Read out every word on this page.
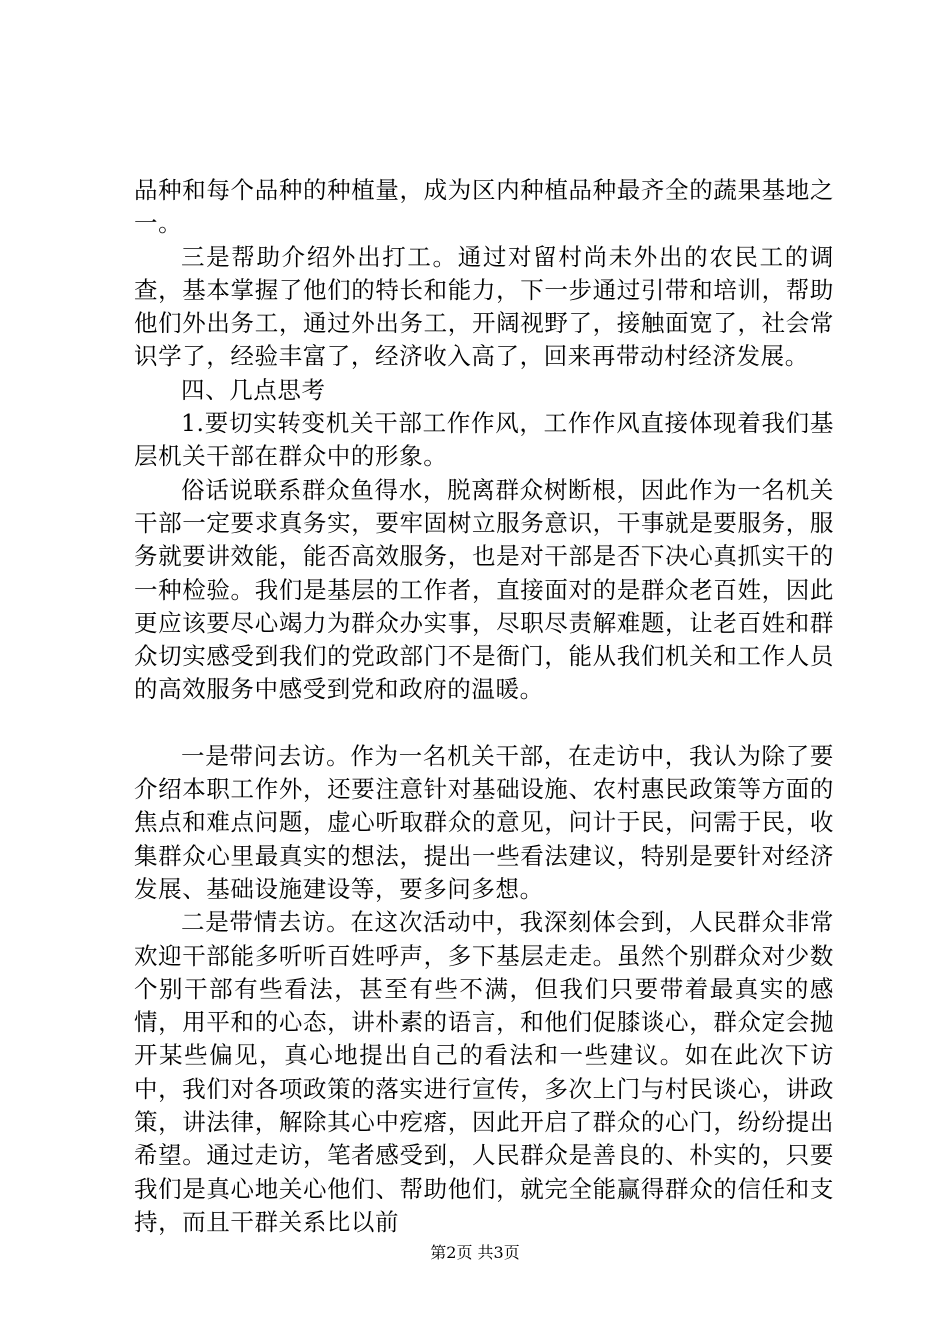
品种和每个品种的种植量，成为区内种植品种最齐全的蔬果基地之一。

三是帮助介绍外出打工。通过对留村尚未外出的农民工的调查，基本掌握了他们的特长和能力，下一步通过引带和培训，帮助他们外出务工，通过外出务工，开阔视野了，接触面宽了，社会常识学了，经验丰富了，经济收入高了，回来再带动村经济发展。

四、几点思考

1.要切实转变机关干部工作作风，工作作风直接体现着我们基层机关干部在群众中的形象。

俗话说联系群众鱼得水，脱离群众树断根，因此作为一名机关干部一定要求真务实，要牢固树立服务意识，干事就是要服务，服务就要讲效能，能否高效服务，也是对干部是否下决心真抓实干的一种检验。我们是基层的工作者，直接面对的是群众老百姓，因此更应该要尽心竭力为群众办实事，尽职尽责解难题，让老百姓和群众切实感受到我们的党政部门不是衙门，能从我们机关和工作人员的高效服务中感受到党和政府的温暖。

一是带问去访。作为一名机关干部，在走访中，我认为除了要介绍本职工作外，还要注意针对基础设施、农村惠民政策等方面的焦点和难点问题，虚心听取群众的意见，问计于民，问需于民，收集群众心里最真实的想法，提出一些看法建议，特别是要针对经济发展、基础设施建设等，要多问多想。

二是带情去访。在这次活动中，我深刻体会到，人民群众非常欢迎干部能多听听百姓呼声，多下基层走走。虽然个别群众对少数个别干部有些看法，甚至有些不满，但我们只要带着最真实的感情，用平和的心态，讲朴素的语言，和他们促膝谈心，群众定会抛开某些偏见，真心地提出自己的看法和一些建议。如在此次下访中，我们对各项政策的落实进行宣传，多次上门与村民谈心，讲政策，讲法律，解除其心中疙瘩，因此开启了群众的心门，纷纷提出希望。通过走访，笔者感受到，人民群众是善良的、朴实的，只要我们是真心地关心他们、帮助他们，就完全能赢得群众的信任和支持，而且干群关系比以前

第2页 共3页
